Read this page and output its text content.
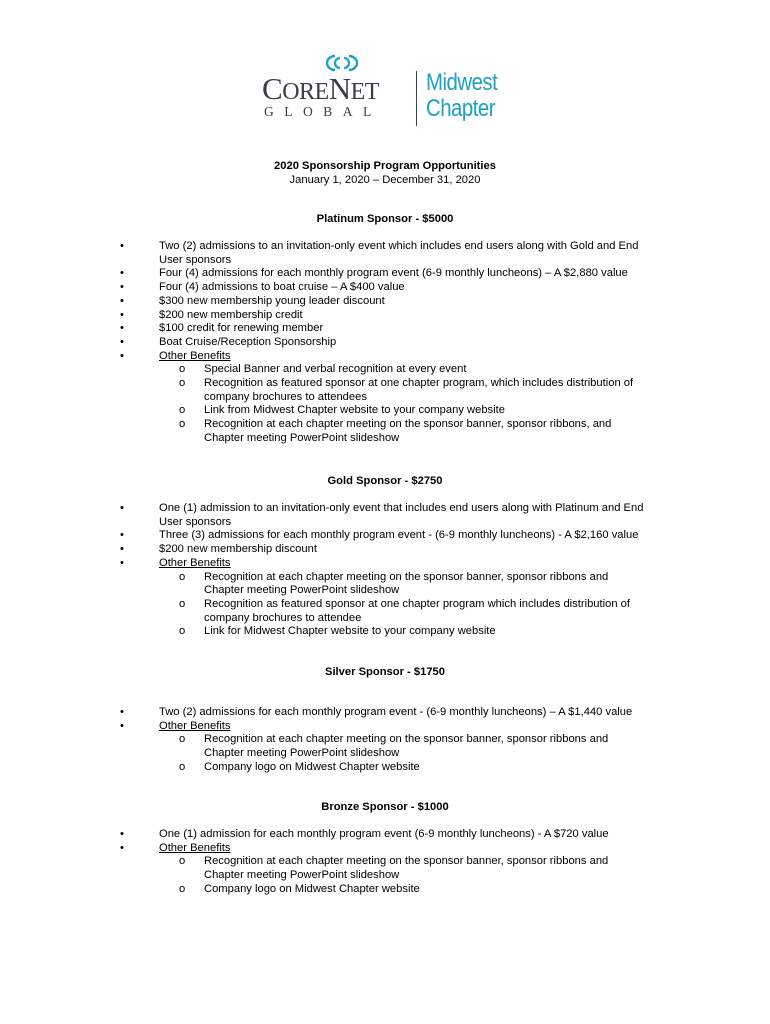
CORENET
GLOBAL
Midwest
Chapter
2020 Sponsorship Program Opportunities
January 1, 2020 – December 31, 2020
Platinum Sponsor - $5000
• Two (2) admissions to an invitation-only event which includes end users along with Gold and End User sponsors
• Four (4) admissions for each monthly program event (6-9 monthly luncheons) – A $2,880 value
• Four (4) admissions to boat cruise – A $400 value
• $300 new membership young leader discount
• $200 new membership credit
• $100 credit for renewing member
• Boat Cruise/Reception Sponsorship
• Other Benefits
o Special Banner and verbal recognition at every event
o Recognition as featured sponsor at one chapter program, which includes distribution of company brochures to attendees
o Link from Midwest Chapter website to your company website
o Recognition at each chapter meeting on the sponsor banner, sponsor ribbons, and Chapter meeting PowerPoint slideshow
Gold Sponsor - $2750
• One (1) admission to an invitation-only event that includes end users along with Platinum and End User sponsors
• Three (3) admissions for each monthly program event - (6-9 monthly luncheons) - A $2,160 value
• $200 new membership discount
• Other Benefits
o Recognition at each chapter meeting on the sponsor banner, sponsor ribbons and Chapter meeting PowerPoint slideshow
o Recognition as featured sponsor at one chapter program which includes distribution of company brochures to attendee
o Link for Midwest Chapter website to your company website
Silver Sponsor - $1750
• Two (2) admissions for each monthly program event - (6-9 monthly luncheons) – A $1,440 value
• Other Benefits
o Recognition at each chapter meeting on the sponsor banner, sponsor ribbons and Chapter meeting PowerPoint slideshow
o Company logo on Midwest Chapter website
Bronze Sponsor - $1000
• One (1) admission for each monthly program event (6-9 monthly luncheons) - A $720 value
• Other Benefits
o Recognition at each chapter meeting on the sponsor banner, sponsor ribbons and Chapter meeting PowerPoint slideshow
o Company logo on Midwest Chapter website
